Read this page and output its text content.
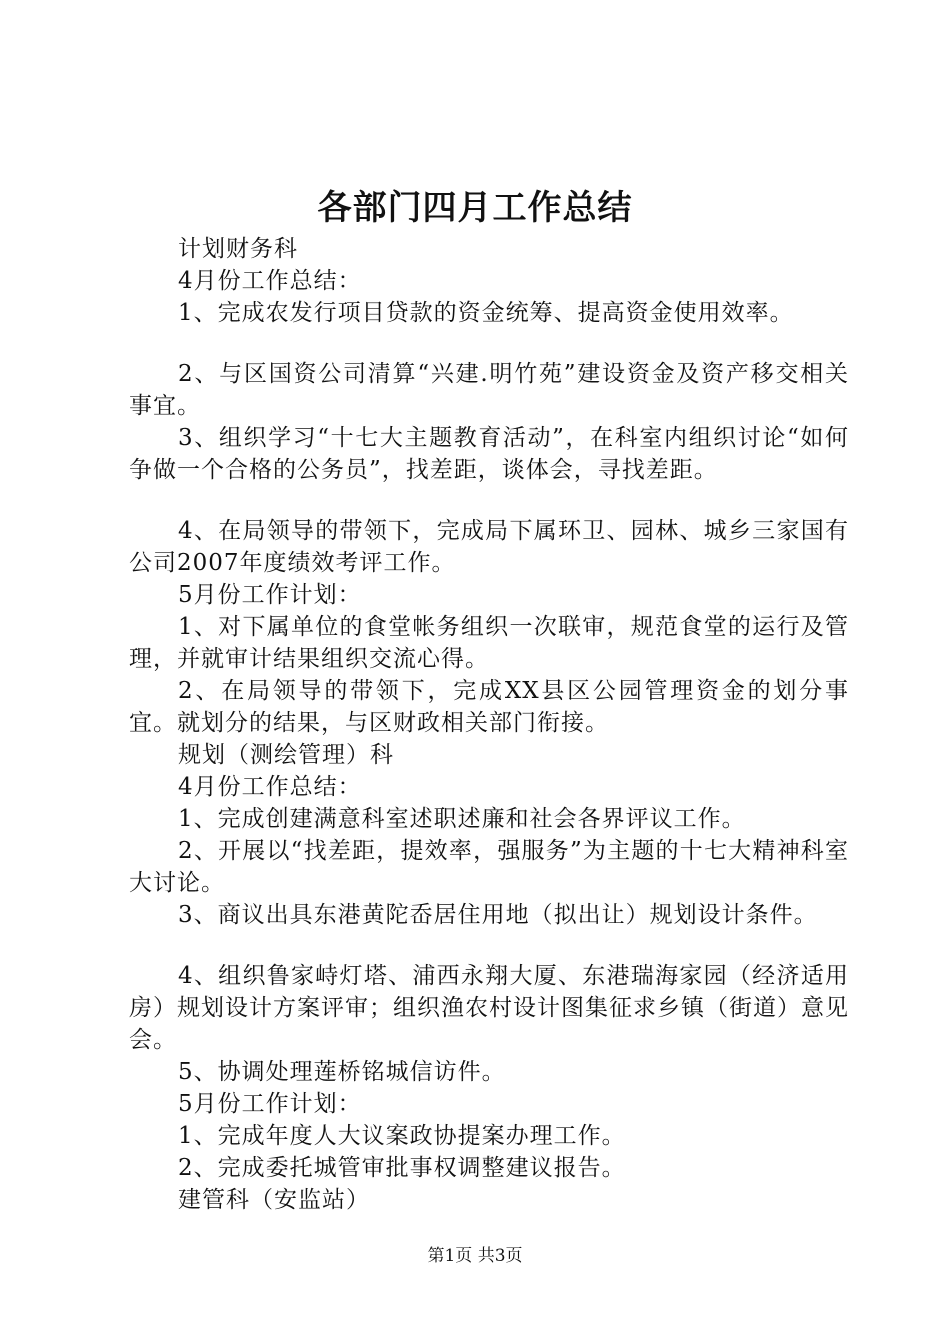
各部门四月工作总结

计划财务科

4月份工作总结：

1、完成农发行项目贷款的资金统筹、提高资金使用效率。

2、与区国资公司清算“兴建.明竹苑”建设资金及资产移交相关事宜。

3、组织学习“十七大主题教育活动”，在科室内组织讨论“如何争做一个合格的公务员”，找差距，谈体会，寻找差距。

4、在局领导的带领下，完成局下属环卫、园林、城乡三家国有公司2007年度绩效考评工作。

5月份工作计划：

1、对下属单位的食堂帐务组织一次联审，规范食堂的运行及管理，并就审计结果组织交流心得。

2、在局领导的带领下，完成XX县区公园管理资金的划分事宜。就划分的结果，与区财政相关部门衔接。

规划（测绘管理）科

4月份工作总结：

1、完成创建满意科室述职述廉和社会各界评议工作。

2、开展以“找差距，提效率，强服务”为主题的十七大精神科室大讨论。

3、商议出具东港黄陀岙居住用地（拟出让）规划设计条件。

4、组织鲁家峙灯塔、浦西永翔大厦、东港瑞海家园（经济适用房）规划设计方案评审；组织渔农村设计图集征求乡镇（街道）意见会。

5、协调处理莲桥铭城信访件。

5月份工作计划：

1、完成年度人大议案政协提案办理工作。

2、完成委托城管审批事权调整建议报告。

建管科（安监站）

第1页 共3页
